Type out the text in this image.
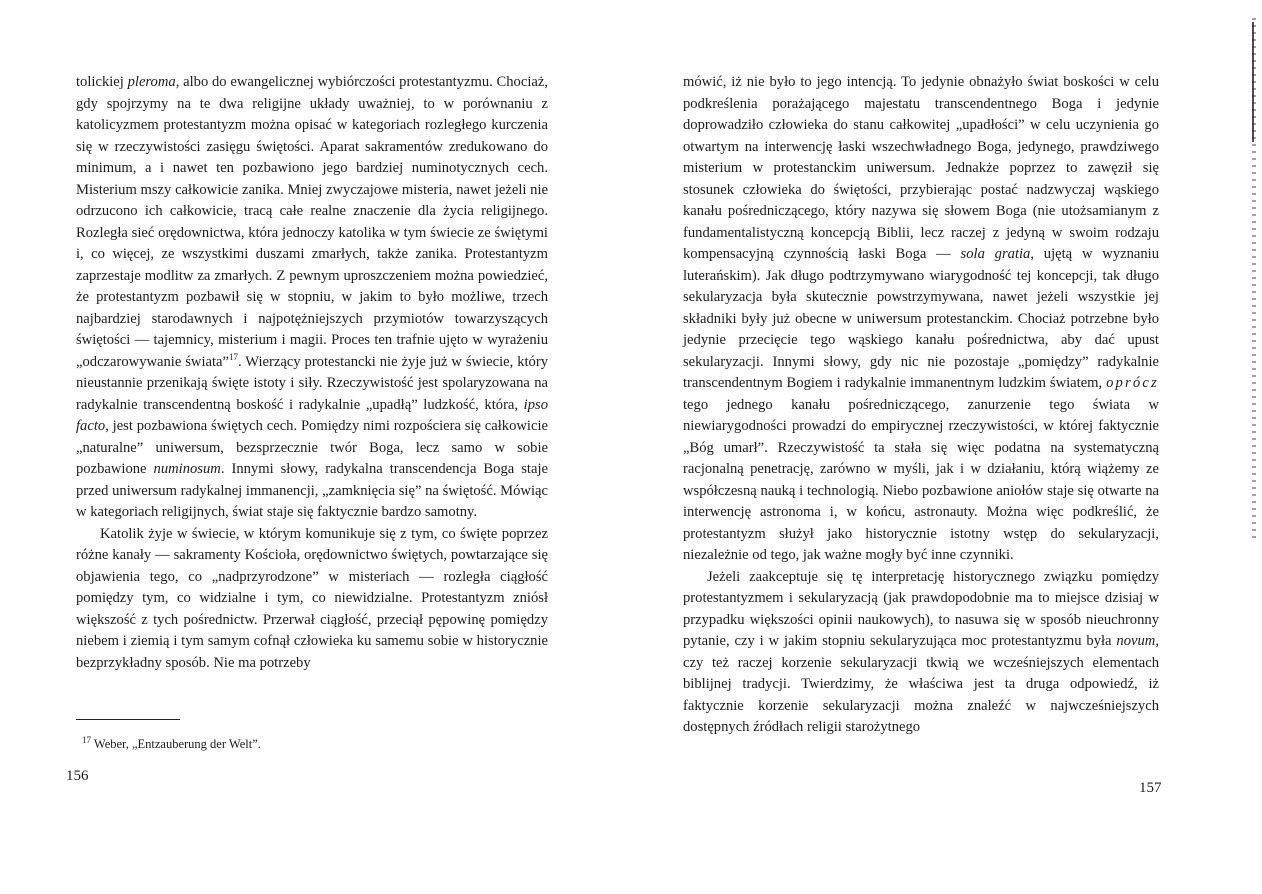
tolickiej pleroma, albo do ewangelicznej wybiórczości protestantyzmu. Chociaż, gdy spojrzymy na te dwa religijne układy uważniej, to w porównaniu z katolicyzmem protestantyzm można opisać w kategoriach rozległego kurczenia się w rzeczywistości zasięgu świętości. Aparat sakramentów zredukowano do minimum, a i nawet ten pozbawiono jego bardziej numinotycznych cech. Misterium mszy całkowicie zanika. Mniej zwyczajowe misteria, nawet jeżeli nie odrzucono ich całkowicie, tracą całe realne znaczenie dla życia religijnego. Rozległa sieć orędownictwa, która jednoczy katolika w tym świecie ze świętymi i, co więcej, ze wszystkimi duszami zmarłych, także zanika. Protestantyzm zaprzestaje modlitw za zmarłych. Z pewnym uproszczeniem można powiedzieć, że protestantyzm pozbawił się w stopniu, w jakim to było możliwe, trzech najbardziej starodawnych i najpotężniejszych przymiotów towarzyszących świętości — tajemnicy, misterium i magii. Proces ten trafnie ujęto w wyrażeniu „odczarowywanie świata”$^{17}$. Wierzący protestancki nie żyje już w świecie, który nieustannie przenikają święte istoty i siły. Rzeczywistość jest spolaryzowana na radykalnie transcendentną boskość i radykalnie „upadłą” ludzkość, która, ipso facto, jest pozbawiona świętych cech. Pomiędzy nimi rozpościera się całkowicie „naturalne” uniwersum, bezsprzecznie twór Boga, lecz samo w sobie pozbawione numinosum. Innymi słowy, radykalna transcendencja Boga staje przed uniwersum radykalnej immanencji, „zamknięcia się” na świętość. Mówiąc w kategoriach religijnych, świat staje się faktycznie bardzo samotny.

Katolik żyje w świecie, w którym komunikuje się z tym, co święte poprzez różne kanały — sakramenty Kościoła, orędownictwo świętych, powtarzające się objawienia tego, co „nadprzyrodzone” w misteriach — rozległa ciągłość pomiędzy tym, co widzialne i tym, co niewidzialne. Protestantyzm zniósł większość z tych pośrednictw. Przerwał ciągłość, przeciął pępowinę pomiędzy niebem i ziemią i tym samym cofnął człowieka ku samemu sobie w historycznie bezprzykładny sposób. Nie ma potrzeby

$^{17}$ Weber, „Entzauberung der Welt”.
156

mówić, iż nie było to jego intencją. To jedynie obnażyło świat boskości w celu podkreślenia porażającego majestatu transcendentnego Boga i jedynie doprowadziło człowieka do stanu całkowitej „upadłości” w celu uczynienia go otwartym na interwencję łaski wszechwładnego Boga, jedynego, prawdziwego misterium w protestanckim uniwersum. Jednakże poprzez to zawęził się stosunek człowieka do świętości, przybierając postać nadzwyczaj wąskiego kanału pośredniczącego, który nazywa się słowem Boga (nie utożsamianym z fundamentalistyczną koncepcją Biblii, lecz raczej z jedyną w swoim rodzaju kompensacyjną czynnością łaski Boga — sola gratia, ujętą w wyznaniu luterańskim). Jak długo podtrzymywano wiarygodność tej koncepcji, tak długo sekularyzacja była skutecznie powstrzymywana, nawet jeżeli wszystkie jej składniki były już obecne w uniwersum protestanckim. Chociaż potrzebne było jedynie przecięcie tego wąskiego kanału pośrednictwa, aby dać upust sekularyzacji. Innymi słowy, gdy nic nie pozostaje „pomiędzy” radykalnie transcendentnym Bogiem i radykalnie immanentnym ludzkim światem, oprócz tego jednego kanału pośredniczącego, zanurzenie tego świata w niewiarygodności prowadzi do empirycznej rzeczywistości, w której faktycznie „Bóg umarł”. Rzeczywistość ta stała się więc podatna na systematyczną racjonalną penetrację, zarówno w myśli, jak i w działaniu, którą wiążemy ze współczesną nauką i technologią. Niebo pozbawione aniołów staje się otwarte na interwencję astronoma i, w końcu, astronauty. Można więc podkreślić, że protestantyzm służył jako historycznie istotny wstęp do sekularyzacji, niezależnie od tego, jak ważne mogły być inne czynniki.

Jeżeli zaakceptuje się tę interpretację historycznego związku pomiędzy protestantyzmem i sekularyzacją (jak prawdopodobnie ma to miejsce dzisiaj w przypadku większości opinii naukowych), to nasuwa się w sposób nieuchronny pytanie, czy i w jakim stopniu sekularyzująca moc protestantyzmu była novum, czy też raczej korzenie sekularyzacji tkwią we wcześniejszych elementach biblijnej tradycji. Twierdzimy, że właściwa jest ta druga odpowiedź, iż faktycznie korzenie sekularyzacji można znaleźć w najwcześniejszych dostępnych źródłach religii starożytnego

157
